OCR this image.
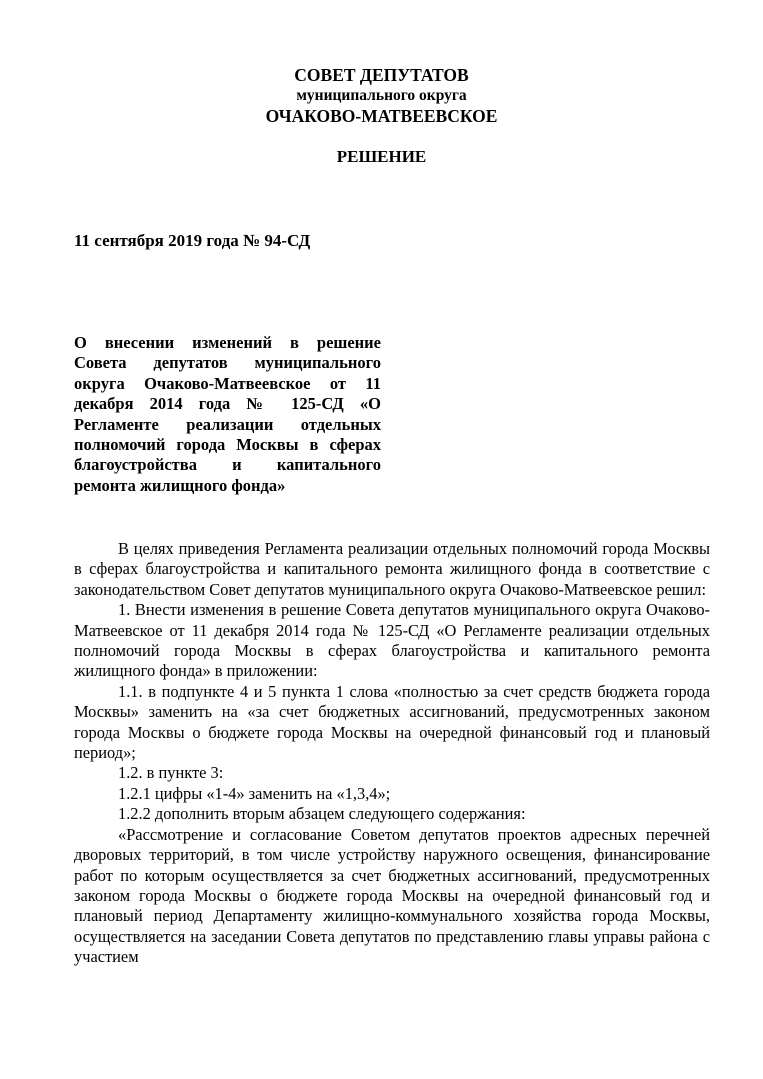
СОВЕТ ДЕПУТАТОВ

муниципального округа

ОЧАКОВО-МАТВЕЕВСКОЕ

РЕШЕНИЕ

11 сентября 2019 года № 94-СД

О внесении изменений в решение Совета депутатов муниципального округа Очаково-Матвеевское от 11 декабря 2014 года № 125-СД «О Регламенте реализации отдельных полномочий города Москвы в сферах благоустройства и капитального ремонта жилищного фонда»

В целях приведения Регламента реализации отдельных полномочий города Москвы в сферах благоустройства и капитального ремонта жилищного фонда в соответствие с законодательством Совет депутатов муниципального округа Очаково-Матвеевское решил:

1. Внести изменения в решение Совета депутатов муниципального округа Очаково-Матвеевское от 11 декабря 2014 года № 125-СД «О Регламенте реализации отдельных полномочий города Москвы в сферах благоустройства и капитального ремонта жилищного фонда» в приложении:

1.1. в подпункте 4 и 5 пункта 1 слова «полностью за счет средств бюджета города Москвы» заменить на «за счет бюджетных ассигнований, предусмотренных законом города Москвы о бюджете города Москвы на очередной финансовый год и плановый период»;

1.2. в пункте 3:

1.2.1 цифры «1-4» заменить на «1,3,4»;

1.2.2 дополнить вторым абзацем следующего содержания:

«Рассмотрение и согласование Советом депутатов проектов адресных перечней дворовых территорий, в том числе устройству наружного освещения, финансирование работ по которым осуществляется за счет бюджетных ассигнований, предусмотренных законом города Москвы о бюджете города Москвы на очередной финансовый год и плановый период Департаменту жилищно-коммунального хозяйства города Москвы, осуществляется на заседании Совета депутатов по представлению главы управы района с участием
